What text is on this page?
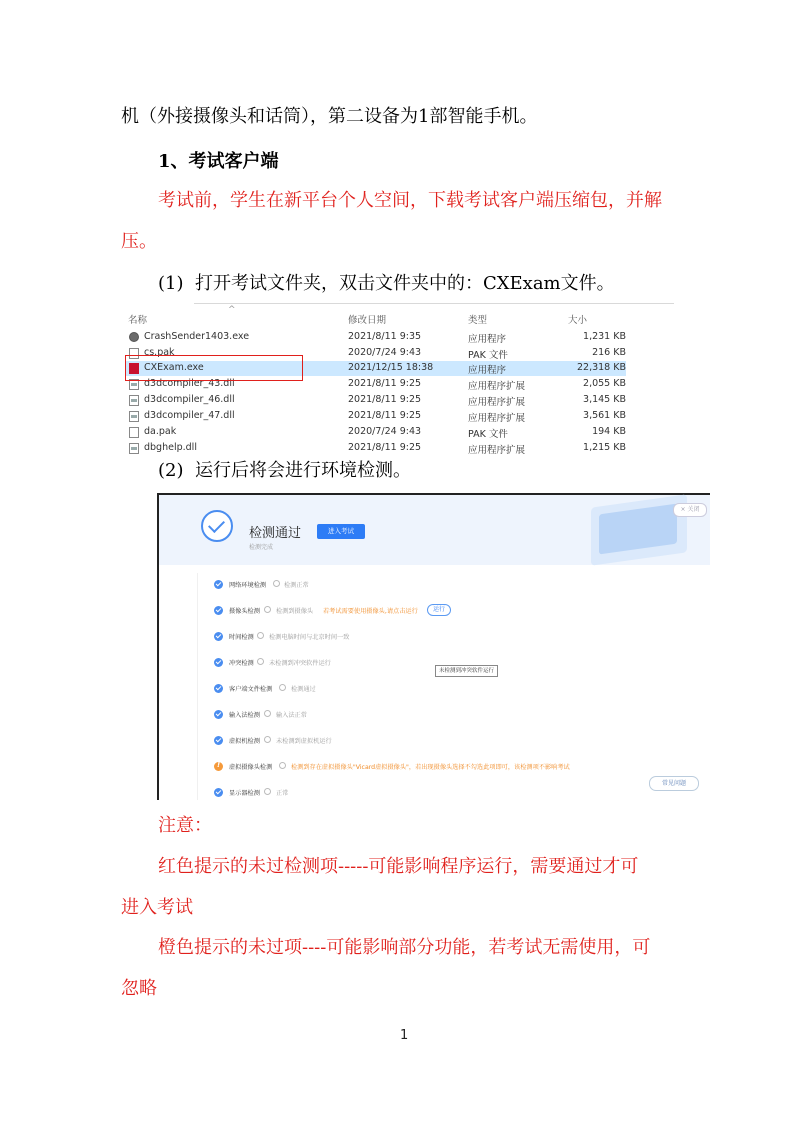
机（外接摄像头和话筒），第二设备为1部智能手机。
1、考试客户端
考试前，学生在新平台个人空间，下载考试客户端压缩包，并解
压。
(1)  打开考试文件夹，双击文件夹中的：CXExam文件。
^
名称	修改日期	类型	大小
CrashSender1403.exe	2021/8/11 9:35	应用程序	1,231 KB
cs.pak	2020/7/24 9:43	PAK 文件	216 KB
CXExam.exe	2021/12/15 18:38	应用程序	22,318 KB
d3dcompiler_43.dll	2021/8/11 9:25	应用程序扩展	2,055 KB
d3dcompiler_46.dll	2021/8/11 9:25	应用程序扩展	3,145 KB
d3dcompiler_47.dll	2021/8/11 9:25	应用程序扩展	3,561 KB
da.pak	2020/7/24 9:43	PAK 文件	194 KB
dbghelp.dll	2021/8/11 9:25	应用程序扩展	1,215 KB
(2)  运行后将会进行环境检测。
检测通过
检测完成
进入考试
× 关闭
网络环境检测	检测正常
摄像头检测	检测到摄像头 若考试需要使用摄像头,请点击运行	运行
时间检测 检测电脑时间与北京时间一致
冲突检测 未检测到冲突软件运行
客户端文件检测	检测通过
输入法检测	输入法正常
虚拟机检测	未检测到虚拟机运行
!
虚拟摄像头检测	检测到存在虚拟摄像头"Vicard虚拟摄像头"，若出现摄像头选择不勾选此项即可，该检测项不影响考试
显示器检测	正常
未检测到冲突软件运行
常见问题
注意：
红色提示的未过检测项-----可能影响程序运行，需要通过才可
进入考试
橙色提示的未过项----可能影响部分功能，若考试无需使用，可
忽略
1
